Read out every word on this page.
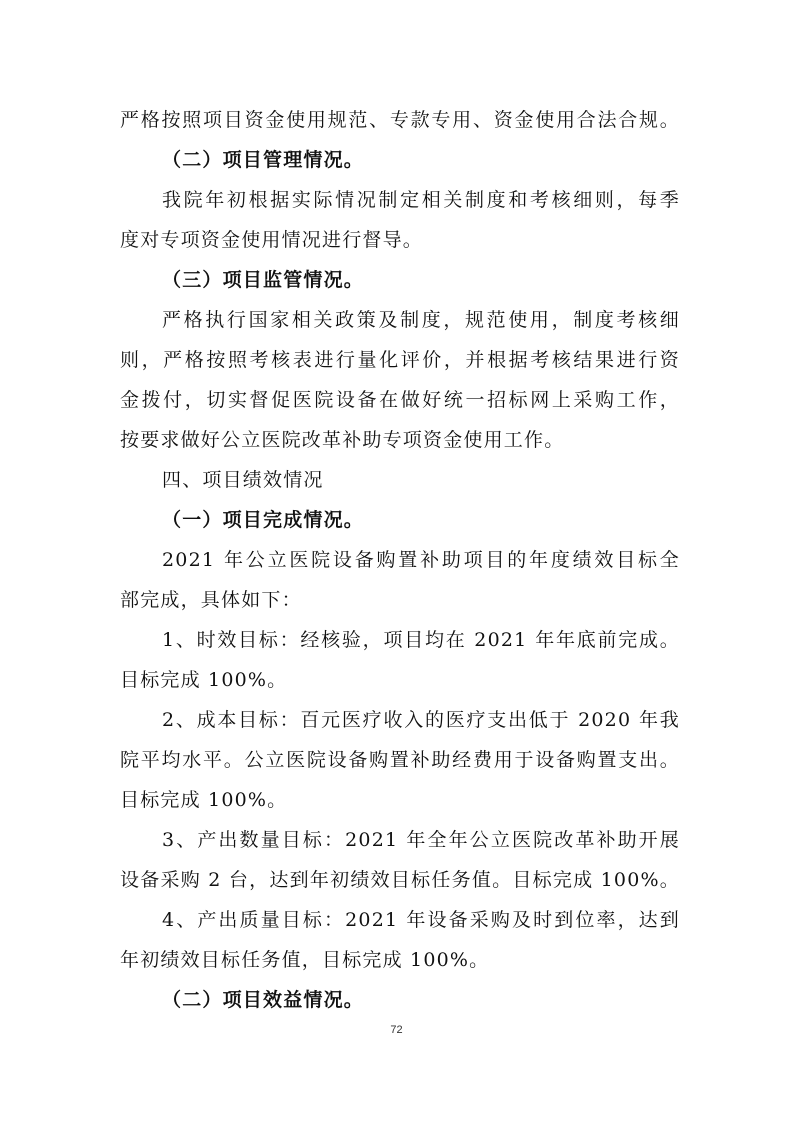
严格按照项目资金使用规范、专款专用、资金使用合法合规。
（二）项目管理情况。
我院年初根据实际情况制定相关制度和考核细则，每季
度对专项资金使用情况进行督导。
（三）项目监管情况。
严格执行国家相关政策及制度，规范使用，制度考核细
则，严格按照考核表进行量化评价，并根据考核结果进行资
金拨付，切实督促医院设备在做好统一招标网上采购工作，
按要求做好公立医院改革补助专项资金使用工作。
四、项目绩效情况
（一）项目完成情况。
2021 年公立医院设备购置补助项目的年度绩效目标全
部完成，具体如下：
1、时效目标：经核验，项目均在 2021 年年底前完成。
目标完成 100%。
2、成本目标：百元医疗收入的医疗支出低于 2020 年我
院平均水平。公立医院设备购置补助经费用于设备购置支出。
目标完成 100%。
3、产出数量目标：2021 年全年公立医院改革补助开展
设备采购 2 台，达到年初绩效目标任务值。目标完成 100%。
4、产出质量目标：2021 年设备采购及时到位率，达到
年初绩效目标任务值，目标完成 100%。
（二）项目效益情况。
72
